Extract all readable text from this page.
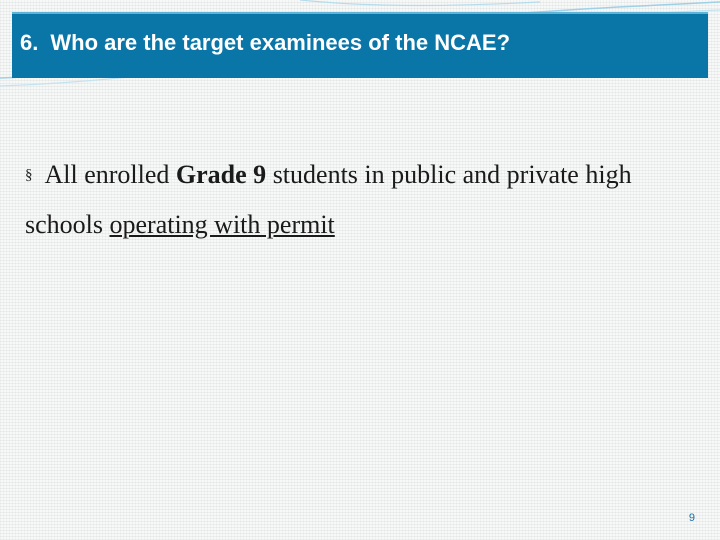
6. Who are the target examinees of the NCAE?

§ All enrolled Grade 9 students in public and private high schools operating with permit

9
